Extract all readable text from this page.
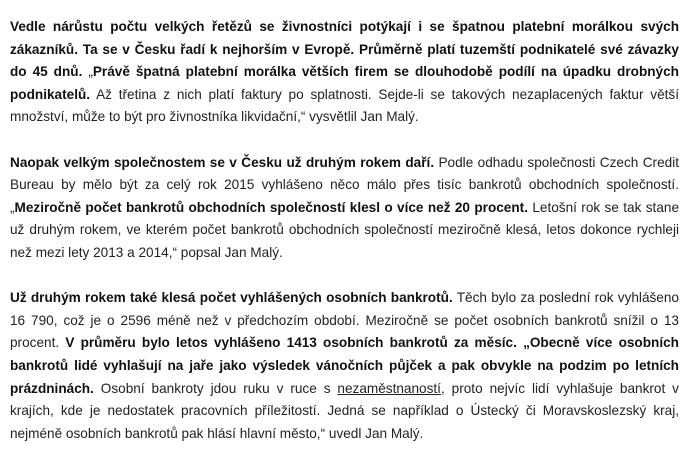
Vedle nárůstu počtu velkých řetězů se živnostníci potýkají i se špatnou platební morálkou svých zákazníků. Ta se v Česku řadí k nejhorším v Evropě. Průměrně platí tuzemští podnikatelé své závazky do 45 dnů. „Právě špatná platební morálka větších firem se dlouhodobě podílí na úpadku drobných podnikatelů. Až třetina z nich platí faktury po splatnosti. Sejde-li se takových nezaplacených faktur větší množství, může to být pro živnostníka likvidační,“ vysvětlil Jan Malý.

Naopak velkým společnostem se v Česku už druhým rokem daří. Podle odhadu společnosti Czech Credit Bureau by mělo být za celý rok 2015 vyhlášeno něco málo přes tisíc bankrotů obchodních společností. „Meziročně počet bankrotů obchodních společností klesl o více než 20 procent. Letošní rok se tak stane už druhým rokem, ve kterém počet bankrotů obchodních společností meziročně klesá, letos dokonce rychleji než mezi lety 2013 a 2014,“ popsal Jan Malý.

Už druhým rokem také klesá počet vyhlášených osobních bankrotů. Těch bylo za poslední rok vyhlášeno 16 790, což je o 2596 méně než v předchozím období. Meziročně se počet osobních bankrotů snížil o 13 procent. V průměru bylo letos vyhlášeno 1413 osobních bankrotů za měsíc. „Obecně více osobních bankrotů lidé vyhlašují na jaře jako výsledek vánočních půjček a pak obvykle na podzim po letních prázdninách. Osobní bankroty jdou ruku v ruce s nezaměstnaností, proto nejvíc lidí vyhlašuje bankrot v krajích, kde je nedostatek pracovních příležitostí. Jedná se například o Ústecký či Moravskoslezský kraj, nejméně osobních bankrotů pak hlásí hlavní město,“ uvedl Jan Malý.
